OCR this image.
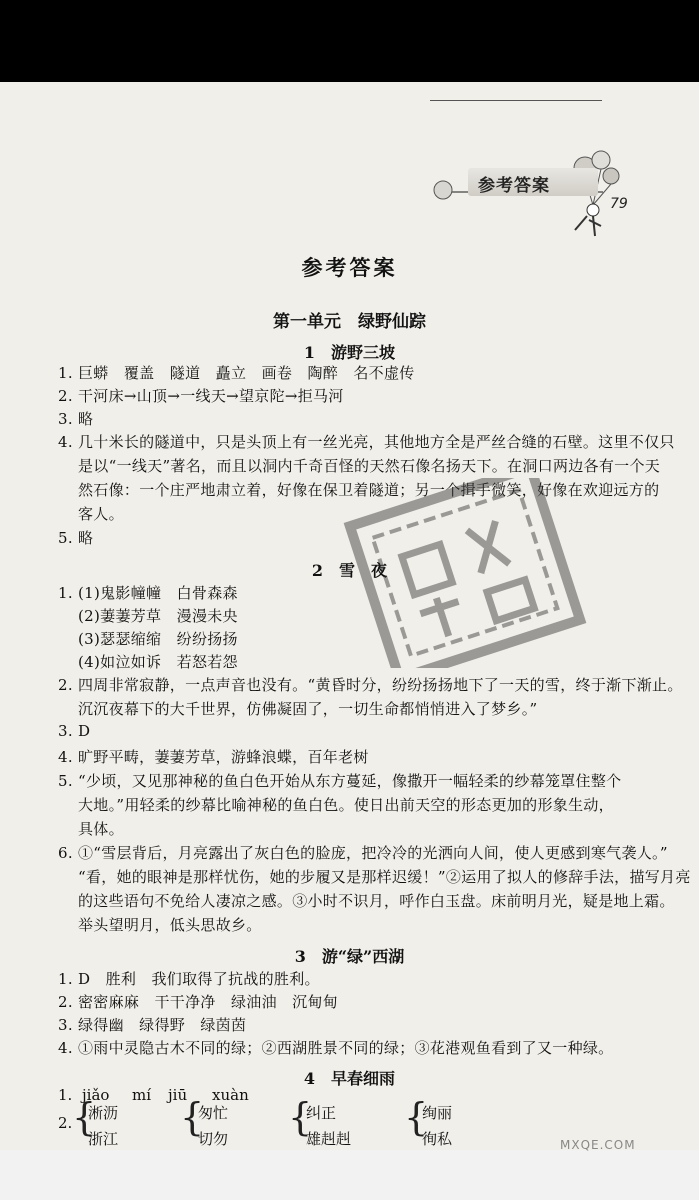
参考答案
79
参考答案
第一单元　绿野仙踪
1　游野三坡
1. 巨蟒　覆盖　隧道　矗立　画卷　陶醉　名不虚传
2. 干河床→山顶→一线天→望京陀→拒马河
3. 略
4. 几十米长的隧道中，只是头顶上有一丝光亮，其他地方全是严丝合缝的石壁。这里不仅只
是以“一线天”著名，而且以洞内千奇百怪的天然石像名扬天下。在洞口两边各有一个天
然石像：一个庄严地肃立着，好像在保卫着隧道；另一个揖手微笑，好像在欢迎远方的
客人。
5. 略
2　雪　夜
1. (1)鬼影幢幢　白骨森森
(2)萋萋芳草　漫漫未央
(3)瑟瑟缩缩　纷纷扬扬
(4)如泣如诉　若怒若怨
2. 四周非常寂静，一点声音也没有。“黄昏时分，纷纷扬扬地下了一天的雪，终于渐下渐止。
沉沉夜幕下的大千世界，仿佛凝固了，一切生命都悄悄进入了梦乡。”
3. D
4. 旷野平畴，萋萋芳草，游蜂浪蝶，百年老树
5. “少顷，又见那神秘的鱼白色开始从东方蔓延，像撒开一幅轻柔的纱幕笼罩住整个
大地。”用轻柔的纱幕比喻神秘的鱼白色。使日出前天空的形态更加的形象生动，
具体。
6. ①“雪层背后，月亮露出了灰白色的脸庞，把冷冷的光洒向人间，使人更感到寒气袭人。”
“看，她的眼神是那样忧伤，她的步履又是那样迟缓！”②运用了拟人的修辞手法，描写月亮
的这些语句不免给人凄凉之感。③小时不识月，呼作白玉盘。床前明月光，疑是地上霜。
举头望明月，低头思故乡。
3　游“绿”西湖
1. D　胜利　我们取得了抗战的胜利。
2. 密密麻麻　干干净净　绿油油　沉甸甸
3. 绿得幽　绿得野　绿茵茵
4. ①雨中灵隐古木不同的绿；②西湖胜景不同的绿；③花港观鱼看到了又一种绿。
4　早春细雨
1. jiǎo mí jiū xuàn
2. {
淅沥
浙江 {
匆忙
切勿 {
纠正
雄赳赳 {
绚丽
徇私	MXQE.COM
